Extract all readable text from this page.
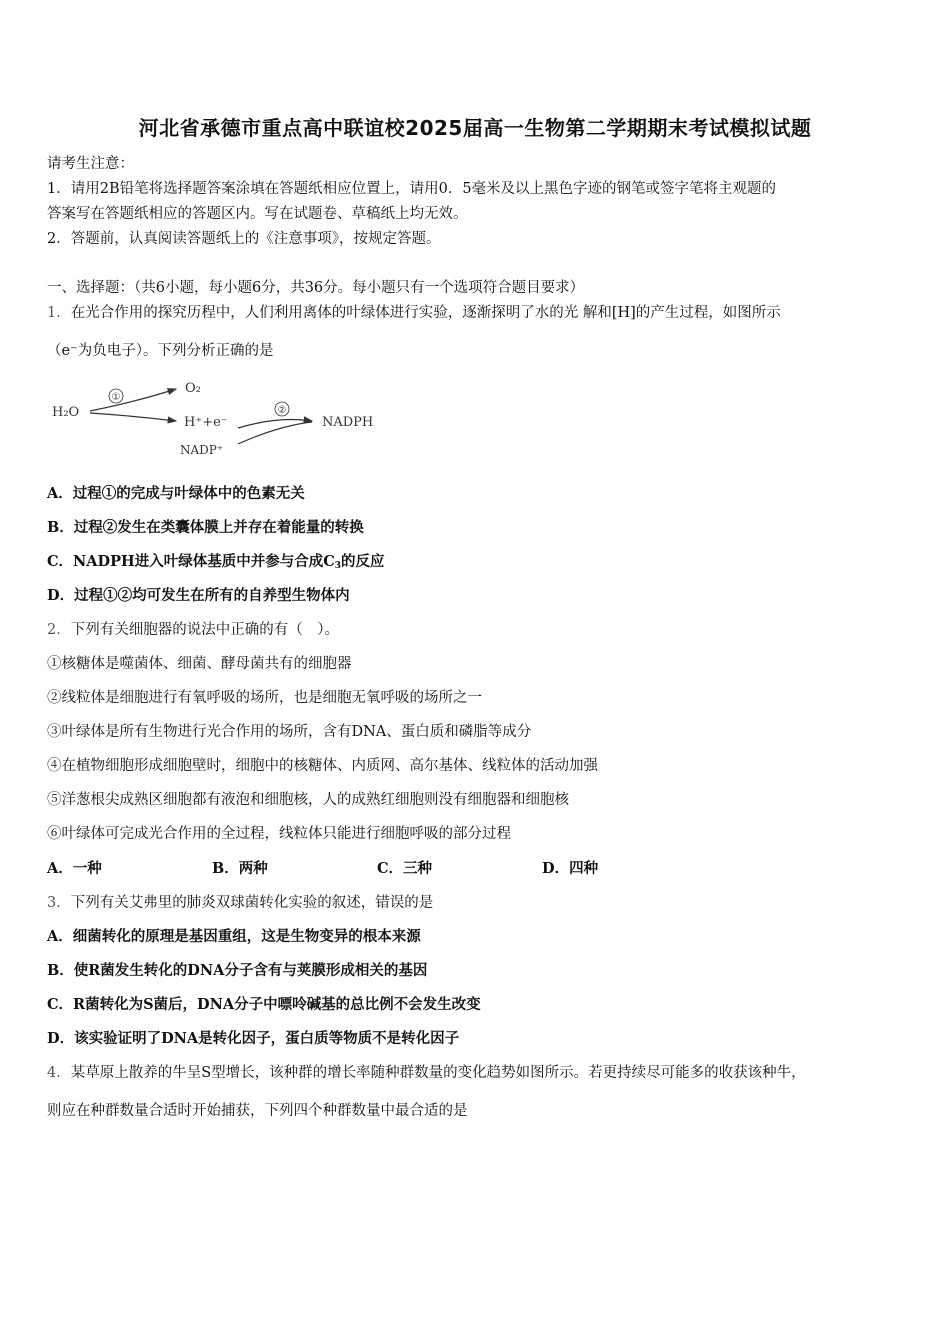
河北省承德市重点高中联谊校2025届高一生物第二学期期末考试模拟试题
请考生注意：
1．请用2B铅笔将选择题答案涂填在答题纸相应位置上，请用0．5毫米及以上黑色字迹的钢笔或签字笔将主观题的
答案写在答题纸相应的答题区内。写在试题卷、草稿纸上均无效。
2．答题前，认真阅读答题纸上的《注意事项》，按规定答题。
一、选择题：（共6小题，每小题6分，共36分。每小题只有一个选项符合题目要求）
1．在光合作用的探究历程中，人们利用离体的叶绿体进行实验，逐渐探明了水的光 解和[H]的产生过程，如图所示
（e⁻为负电子）。下列分析正确的是
H₂O
O₂
H⁺+e⁻
NADP⁺
NADPH
①
②
A．过程①的完成与叶绿体中的色素无关
B．过程②发生在类囊体膜上并存在着能量的转换
C．NADPH进入叶绿体基质中并参与合成$C_3$的反应
D．过程①②均可发生在所有的自养型生物体内
2．下列有关细胞器的说法中正确的有（　）。
①核糖体是噬菌体、细菌、酵母菌共有的细胞器
②线粒体是细胞进行有氧呼吸的场所，也是细胞无氧呼吸的场所之一
③叶绿体是所有生物进行光合作用的场所，含有DNA、蛋白质和磷脂等成分
④在植物细胞形成细胞壁时，细胞中的核糖体、内质网、高尔基体、线粒体的活动加强
⑤洋葱根尖成熟区细胞都有液泡和细胞核，人的成熟红细胞则没有细胞器和细胞核
⑥叶绿体可完成光合作用的全过程，线粒体只能进行细胞呼吸的部分过程
A．一种	B．两种	C．三种	D．四种
3．下列有关艾弗里的肺炎双球菌转化实验的叙述，错误的是
A．细菌转化的原理是基因重组，这是生物变异的根本来源
B．使R菌发生转化的DNA分子含有与荚膜形成相关的基因
C．R菌转化为S菌后，DNA分子中嘌呤碱基的总比例不会发生改变
D．该实验证明了DNA是转化因子，蛋白质等物质不是转化因子
4．某草原上散养的牛呈S型增长，该种群的增长率随种群数量的变化趋势如图所示。若更持续尽可能多的收获该种牛，
则应在种群数量合适时开始捕获，下列四个种群数量中最合适的是
